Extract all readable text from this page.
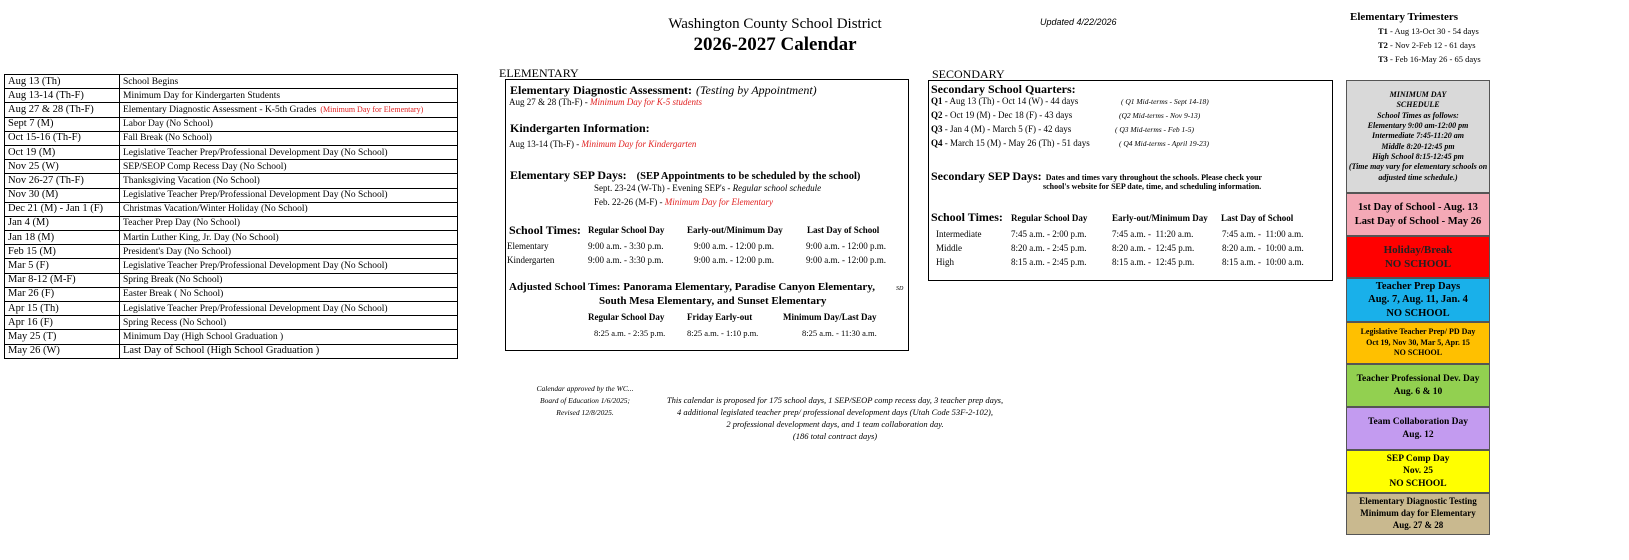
Washington County School District
2026-2027 Calendar
Updated 4/22/2026
Aug 13 (Th)	School Begins
Aug 13-14 (Th-F)	Minimum Day for Kindergarten Students
Aug 27 & 28 (Th-F)	Elementary Diagnostic Assessment - K-5th Grades (Minimum Day for Elementary)
Sept 7 (M)	Labor Day (No School)
Oct 15-16 (Th-F)	Fall Break (No School)
Oct 19 (M)	Legislative Teacher Prep/Professional Development Day (No School)
Nov 25 (W)	SEP/SEOP Comp Recess Day (No School)
Nov 26-27 (Th-F)	Thanksgiving Vacation (No School)
Nov 30 (M)	Legislative Teacher Prep/Professional Development Day (No School)
Dec 21 (M) - Jan 1 (F)	Christmas Vacation/Winter Holiday (No School)
Jan 4 (M)	Teacher Prep Day (No School)
Jan 18 (M)	Martin Luther King, Jr. Day (No School)
Feb 15 (M)	President's Day (No School)
Mar 5 (F)	Legislative Teacher Prep/Professional Development Day (No School)
Mar 8-12 (M-F)	Spring Break (No School)
Mar 26 (F)	Easter Break ( No School)
Apr 15 (Th)	Legislative Teacher Prep/Professional Development Day (No School)
Apr 16 (F)	Spring Recess (No School)
May 25 (T)	Minimum Day (High School Graduation )
May 26 (W)	Last Day of School (High School Graduation )
ELEMENTARY
Elementary Diagnostic Assessment: (Testing by Appointment)
Aug 27 & 28 (Th-F) - Minimum Day for K-5 students
Kindergarten Information:
Aug 13-14 (Th-F) - Minimum Day for Kindergarten
Elementary SEP Days: (SEP Appointments to be scheduled by the school)
Sept. 23-24 (W-Th) - Evening SEP's - Regular school schedule
Feb. 22-26 (M-F) - Minimum Day for Elementary
School Times: Regular School Day	Early-out/Minimum Day	Last Day of School
Elementary	9:00 a.m. - 3:30 p.m.	9:00 a.m. - 12:00 p.m.	9:00 a.m. - 12:00 p.m.
Kindergarten	9:00 a.m. - 3:30 p.m.	9:00 a.m. - 12:00 p.m.	9:00 a.m. - 12:00 p.m.
Adjusted School Times: Panorama Elementary, Paradise Canyon Elementary,
South Mesa Elementary, and Sunset Elementary
SD
Regular School Day	Friday Early-out	Minimum Day/Last Day
8:25 a.m. - 2:35 p.m.	8:25 a.m. - 1:10 p.m.	8:25 a.m. - 11:30 a.m.
SECONDARY
Secondary School Quarters:
Q1 - Aug 13 (Th) - Oct 14 (W) - 44 days	( Q1 Mid-terms - Sept 14-18)
Q2 - Oct 19 (M) - Dec 18 (F) - 43 days	(Q2 Mid-terms - Nov 9-13)
Q3 - Jan 4 (M) - March 5 (F) - 42 days	( Q3 Mid-terms - Feb 1-5)
Q4 - March 15 (M) - May 26 (Th) - 51 days	( Q4 Mid-terms - April 19-23)
Secondary SEP Days: Dates and times vary throughout the schools. Please check your
school's website for SEP date, time, and scheduling information.
School Times: Regular School Day	Early-out/Minimum Day Last Day of School
Intermediate	7:45 a.m. - 2:00 p.m.	7:45 a.m. -  11:20 a.m.	7:45 a.m. -  11:00 a.m.
Middle	8:20 a.m. - 2:45 p.m.	8:20 a.m. -  12:45 p.m.	8:20 a.m. -  10:00 a.m.
High	8:15 a.m. - 2:45 p.m.	8:15 a.m. -  12:45 p.m.	8:15 a.m. -  10:00 a.m.
Elementary Trimesters
T1 - Aug 13-Oct 30 - 54 days
T2 - Nov 2-Feb 12 - 61 days
T3 - Feb 16-May 26 - 65 days
MINIMUM DAY
SCHEDULE
School Times as follows:
Elementary 9:00 am-12:00 pm
Intermediate 7:45-11:20 am
Middle 8:20-12:45 pm
High School 8:15-12:45 pm
(Time may vary for elementary schools on
adjusted time schedule.)
1st Day of School - Aug. 13
Last Day of School - May 26
Holiday/Break
NO SCHOOL
Teacher Prep Days
Aug. 7, Aug. 11, Jan. 4
NO SCHOOL
Legislative Teacher Prep/ PD Day
Oct 19, Nov 30, Mar 5, Apr. 15
NO SCHOOL
Teacher Professional Dev. Day
Aug. 6 & 10
Team Collaboration Day
Aug. 12
SEP Comp Day
Nov. 25
NO SCHOOL
Elementary Diagnostic Testing
Minimum day for Elementary
Aug. 27 & 28
Calendar approved by the WC...
Board of Education 1/6/2025;
Revised 12/8/2025.
This calendar is proposed for 175 school days, 1 SEP/SEOP comp recess day, 3 teacher prep days,
4 additional legislated teacher prep/ professional development days (Utah Code 53F-2-102),
2 professional development days, and 1 team collaboration day.
(186 total contract days)
